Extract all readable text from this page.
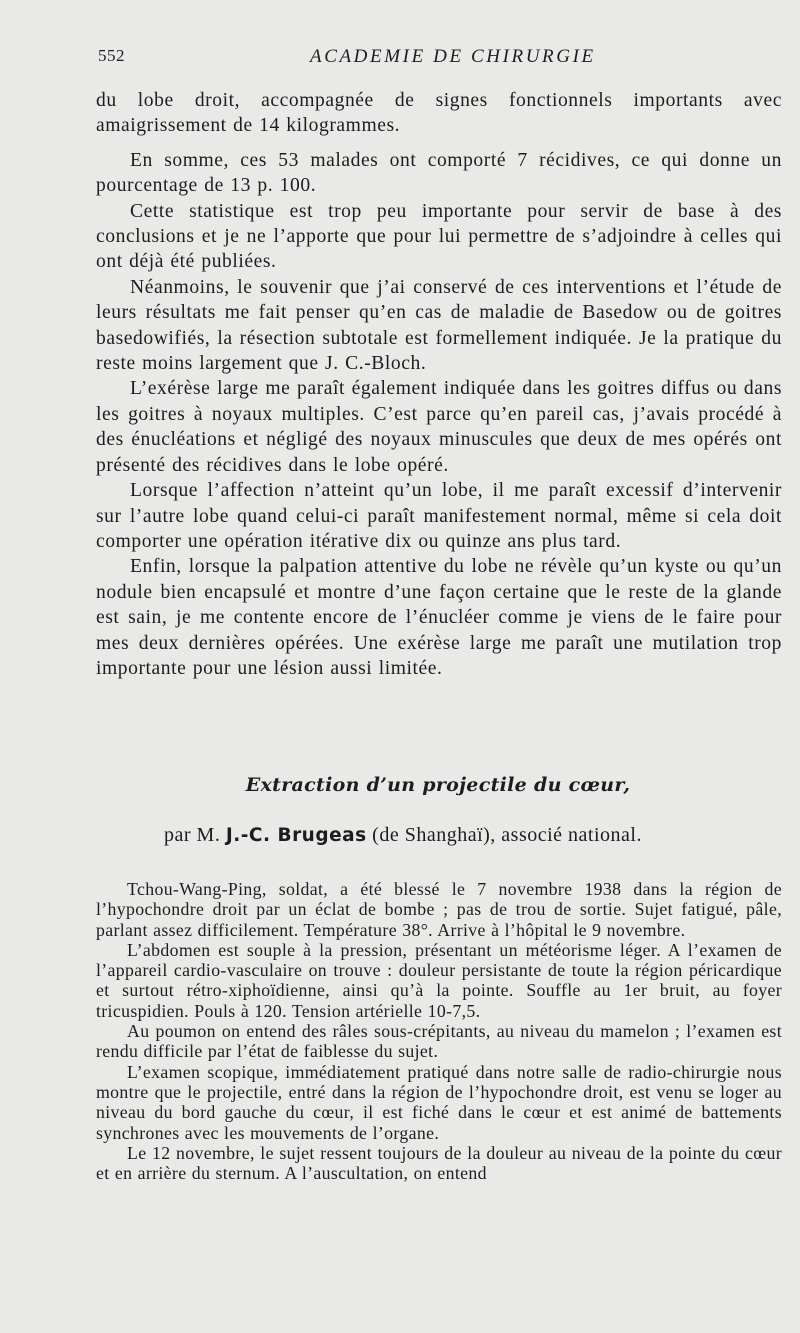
552	ACADEMIE DE CHIRURGIE

du lobe droit, accompagnée de signes fonctionnels importants avec amaigrissement de 14 kilogrammes.

En somme, ces 53 malades ont comporté 7 récidives, ce qui donne un pourcentage de 13 p. 100.

Cette statistique est trop peu importante pour servir de base à des conclusions et je ne l’apporte que pour lui permettre de s’adjoindre à celles qui ont déjà été publiées.

Néanmoins, le souvenir que j’ai conservé de ces interventions et l’étude de leurs résultats me fait penser qu’en cas de maladie de Basedow ou de goitres basedowifiés, la résection subtotale est formellement indiquée. Je la pratique du reste moins largement que J. C.-Bloch.

L’exérèse large me paraît également indiquée dans les goitres diffus ou dans les goitres à noyaux multiples. C’est parce qu’en pareil cas, j’avais procédé à des énucléations et négligé des noyaux minuscules que deux de mes opérés ont présenté des récidives dans le lobe opéré.

Lorsque l’affection n’atteint qu’un lobe, il me paraît excessif d’intervenir sur l’autre lobe quand celui-ci paraît manifestement normal, même si cela doit comporter une opération itérative dix ou quinze ans plus tard.

Enfin, lorsque la palpation attentive du lobe ne révèle qu’un kyste ou qu’un nodule bien encapsulé et montre d’une façon certaine que le reste de la glande est sain, je me contente encore de l’énucléer comme je viens de le faire pour mes deux dernières opérées. Une exérèse large me paraît une mutilation trop importante pour une lésion aussi limitée.

Extraction d’un projectile du cœur,
par M. J.-C. Brugeas (de Shanghaï), associé national.

Tchou-Wang-Ping, soldat, a été blessé le 7 novembre 1938 dans la région de l’hypochondre droit par un éclat de bombe ; pas de trou de sortie. Sujet fatigué, pâle, parlant assez difficilement. Température 38°. Arrive à l’hôpital le 9 novembre.

L’abdomen est souple à la pression, présentant un météorisme léger. A l’examen de l’appareil cardio-vasculaire on trouve : douleur persistante de toute la région péricardique et surtout rétro-xiphoïdienne, ainsi qu’à la pointe. Souffle au 1er bruit, au foyer tricuspidien. Pouls à 120. Tension artérielle 10-7,5.

Au poumon on entend des râles sous-crépitants, au niveau du mamelon ; l’examen est rendu difficile par l’état de faiblesse du sujet.

L’examen scopique, immédiatement pratiqué dans notre salle de radio-chirurgie nous montre que le projectile, entré dans la région de l’hypochondre droit, est venu se loger au niveau du bord gauche du cœur, il est fiché dans le cœur et est animé de battements synchrones avec les mouvements de l’organe.

Le 12 novembre, le sujet ressent toujours de la douleur au niveau de la pointe du cœur et en arrière du sternum. A l’auscultation, on entend
